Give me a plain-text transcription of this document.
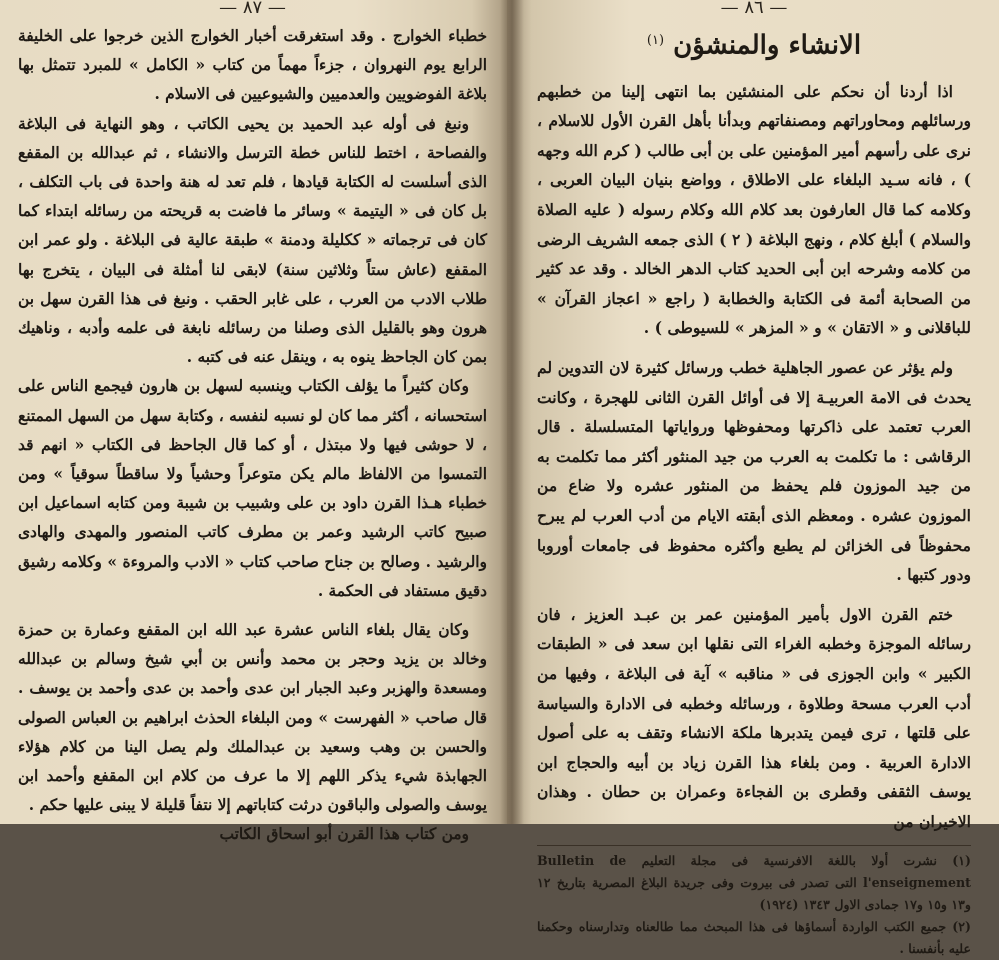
— ٨٧ —

خطباء الخوارج . وقد استغرقت أخبار الخوارج الذين خرجوا على الخليفة الرابع يوم النهروان ، جزءاً مهماً من كتاب « الكامل » للمبرد تتمثل بها بلاغة الفوضويين والعدميين والشيوعيين فى الاسلام .

ونبغ فى أوله عبد الحميد بن يحيى الكاتب ، وهو النهاية فى البلاغة والفصاحة ، اختط للناس خطة الترسل والانشاء ، ثم عبدالله بن المقفع الذى أسلست له الكتابة قيادها ، فلم تعد له هنة واحدة فى باب التكلف ، بل كان فى « اليتيمة » وسائر ما فاضت به قريحته من رسائله ابتداء كما كان فى ترجماته « ككليلة ودمنة » طبقة عالية فى البلاغة . ولو عمر ابن المقفع (عاش ستاً وثلاثين سنة) لابقى لنا أمثلة فى البيان ، يتخرج بها طلاب الادب من العرب ، على غابر الحقب . ونبغ فى هذا القرن سهل بن هرون وهو بالقليل الذى وصلنا من رسائله نابغة فى علمه وأدبه ، وناهيك بمن كان الجاحظ ينوه به ، وينقل عنه فى كتبه .

وكان كثيراً ما يؤلف الكتاب وينسبه لسهل بن هارون فيجمع الناس على استحسانه ، أكثر مما كان لو نسبه لنفسه ، وكتابة سهل من السهل الممتنع ، لا حوشى فيها ولا مبتذل ، أو كما قال الجاحظ فى الكتاب « انهم قد التمسوا من الالفاظ مالم يكن متوعراً وحشياً ولا ساقطاً سوقياً » ومن خطباء هـذا القرن داود بن على وشبيب بن شيبة ومن كتابه اسماعيل ابن صبيح كاتب الرشيد وعمر بن مطرف كاتب المنصور والمهدى والهادى والرشيد . وصالح بن جناح صاحب كتاب « الادب والمروءة » وكلامه رشيق دقيق مستفاد فى الحكمة .

وكان يقال بلغاء الناس عشرة عبد الله ابن المقفع وعمارة بن حمزة وخالد بن يزيد وحجر بن محمد وأنس بن أبي شيخ وسالم بن عبدالله ومسعدة والهزبر وعبد الجبار ابن عدى وأحمد بن عدى وأحمد بن يوسف . قال صاحب « الفهرست » ومن البلغاء الحذث ابراهيم بن العباس الصولى والحسن بن وهب وسعيد بن عبدالملك ولم يصل الينا من كلام هؤلاء الجهابذة شيء يذكر اللهم إلا ما عرف من كلام ابن المقفع وأحمد ابن يوسف والصولى والباقون درثت كتاباتهم إلا نتفاً قليلة لا يبنى عليها حكم .

ومن كتاب هذا القرن أبو اسحاق الكاتب

— ٨٦ —
الانشاء والمنشؤن $^{(١)}$

اذا أردنا أن نحكم على المنشئين بما انتهى إلينا من خطبهم ورسائلهم ومحاوراتهم ومصنفاتهم وبدأنا بأهل القرن الأول للاسلام ، نرى على رأسهم أمير المؤمنين على بن أبى طالب ( كرم الله وجهه ) ، فانه سـيد البلغاء على الاطلاق ، وواضع بنيان البيان العربى ، وكلامه كما قال العارفون بعد كلام الله وكلام رسوله ( عليه الصلاة والسلام ) أبلغ كلام ، ونهج البلاغة ( ٢ ) الذى جمعه الشريف الرضى من كلامه وشرحه ابن أبى الحديد كتاب الدهر الخالد . وقد عد كثير من الصحابة أئمة فى الكتابة والخطابة ( راجع « اعجاز القرآن » للباقلانى و « الاتقان » و « المزهر » للسيوطى ) .

ولم يؤثر عن عصور الجاهلية خطب ورسائل كثيرة لان التدوين لم يحدث فى الامة العربيـة إلا فى أوائل القرن الثانى للهجرة ، وكانت العرب تعتمد على ذاكرتها ومحفوظها ورواياتها المتسلسلة . قال الرقاشى : ما تكلمت به العرب من جيد المنثور أكثر مما تكلمت به من جيد الموزون فلم يحفظ من المنثور عشره ولا ضاع من الموزون عشره . ومعظم الذى أبقته الايام من أدب العرب لم يبرح محفوظاً فى الخزائن لم يطبع وأكثره محفوظ فى جامعات أوروبا ودور كتبها .

ختم القرن الاول بأمير المؤمنين عمر بن عبـد العزيز ، فان رسائله الموجزة وخطبه الغراء التى نقلها ابن سعد فى « الطبقات الكبير » وابن الجوزى فى « مناقبه » آية فى البلاغة ، وفيها من أدب العرب مسحة وطلاوة ، ورسائله وخطبه فى الادارة والسياسة على قلتها ، ترى فيمن يتدبرها ملكة الانشاء وتقف به على أصول الادارة العربية . ومن بلغاء هذا القرن زياد بن أبيه والحجاج ابن يوسف الثقفى وقطرى بن الفجاءة وعمران بن حطان . وهذان الاخيران من

(١) نشرت أولا باللغة الافرنسية فى مجلة التعليم Bulletin de l'enseignement التى تصدر فى بيروت وفى جريدة البلاغ المصرية بتاريخ ١٢ و١٣ و١٥ و١٧ جمادى الاول ١٣٤٣ (١٩٢٤)

(٢) جميع الكتب الواردة أسماؤها فى هذا المبحث مما طالعناه وتدارسناه وحكمنا عليه بأنفسنا .
